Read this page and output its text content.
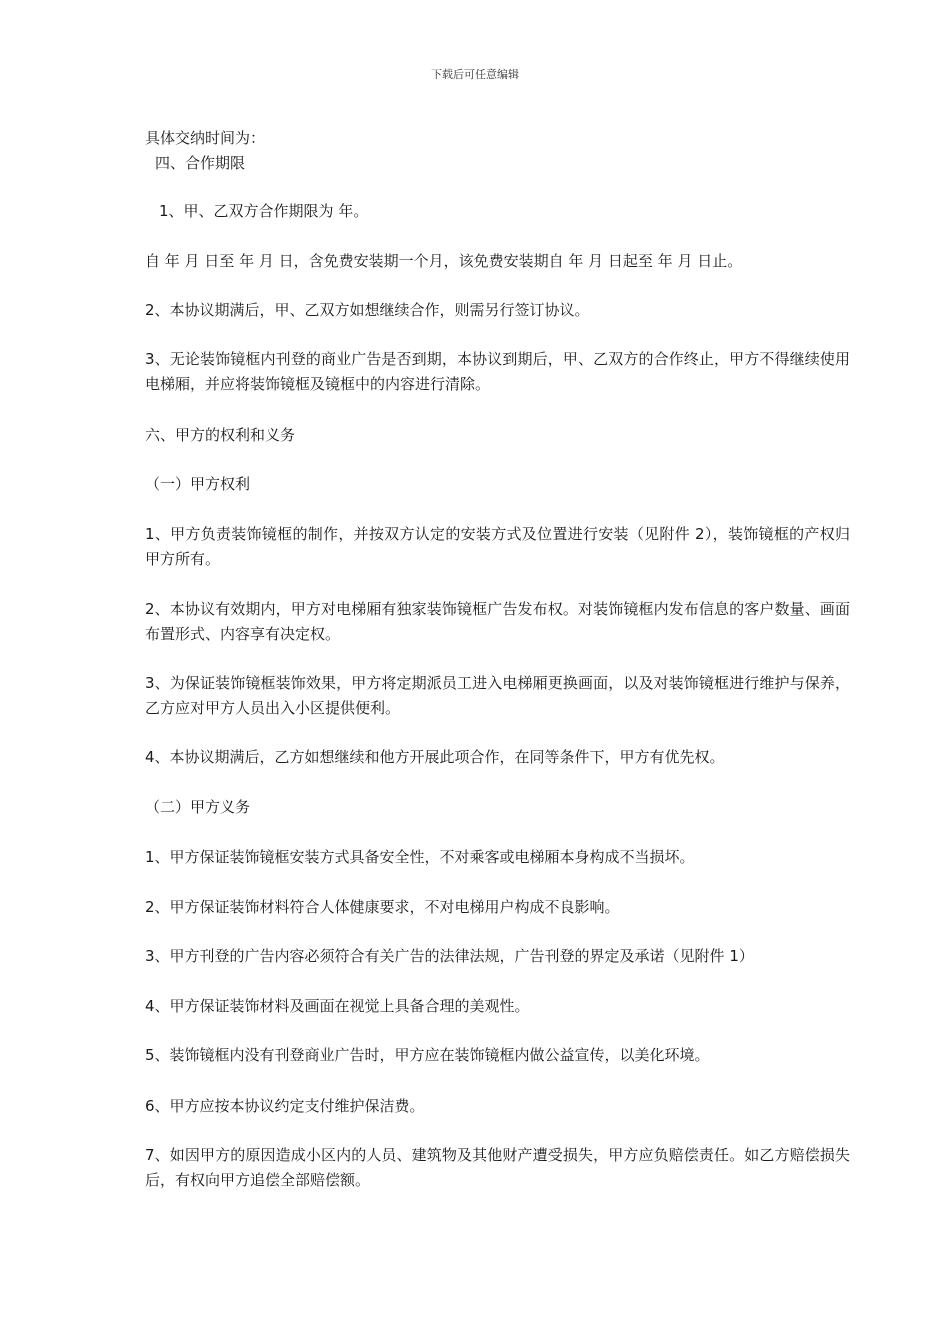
下载后可任意编辑
具体交纳时间为：
四、合作期限
1、甲、乙双方合作期限为 年。
自 年 月 日至 年 月 日，含免费安装期一个月，该免费安装期自 年 月 日起至 年 月 日止。
2、本协议期满后，甲、乙双方如想继续合作，则需另行签订协议。
3、无论装饰镜框内刊登的商业广告是否到期，本协议到期后，甲、乙双方的合作终止，甲方不得继续使用电梯厢，并应将装饰镜框及镜框中的内容进行清除。
六、甲方的权利和义务
（一）甲方权利
1、甲方负责装饰镜框的制作，并按双方认定的安装方式及位置进行安装（见附件 2），装饰镜框的产权归甲方所有。
2、本协议有效期内，甲方对电梯厢有独家装饰镜框广告发布权。对装饰镜框内发布信息的客户数量、画面布置形式、内容享有决定权。
3、为保证装饰镜框装饰效果，甲方将定期派员工进入电梯厢更换画面，以及对装饰镜框进行维护与保养，乙方应对甲方人员出入小区提供便利。
4、本协议期满后，乙方如想继续和他方开展此项合作，在同等条件下，甲方有优先权。
（二）甲方义务
1、甲方保证装饰镜框安装方式具备安全性，不对乘客或电梯厢本身构成不当损坏。
2、甲方保证装饰材料符合人体健康要求，不对电梯用户构成不良影响。
3、甲方刊登的广告内容必须符合有关广告的法律法规，广告刊登的界定及承诺（见附件 1）
4、甲方保证装饰材料及画面在视觉上具备合理的美观性。
5、装饰镜框内没有刊登商业广告时，甲方应在装饰镜框内做公益宣传，以美化环境。
6、甲方应按本协议约定支付维护保洁费。
7、如因甲方的原因造成小区内的人员、建筑物及其他财产遭受损失，甲方应负赔偿责任。如乙方赔偿损失后，有权向甲方追偿全部赔偿额。
